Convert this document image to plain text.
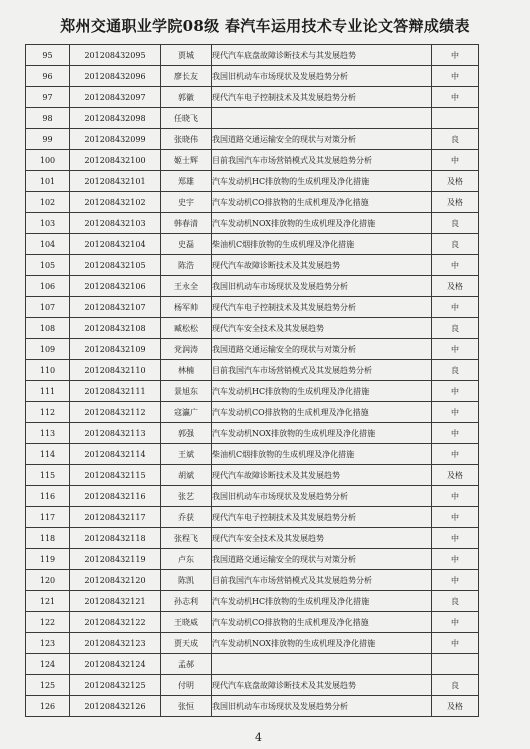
郑州交通职业学院08级 春汽车运用技术专业论文答辩成绩表
95	201208432095	贾城	现代汽车底盘故障诊断技术与其发展趋势	中
96	201208432096	廖长友	我国旧机动车市场现状及发展趋势分析	中
97	201208432097	郭徽	现代汽车电子控制技术及其发展趋势分析	中
98	201208432098	任晓飞		
99	201208432099	张晓伟	我国道路交通运输安全的现状与对策分析	良
100	201208432100	姬士辉	目前我国汽车市场营销模式及其发展趋势分析	中
101	201208432101	郑雄	汽车发动机HC排放物的生成机理及净化措施	及格
102	201208432102	史宇	汽车发动机CO排放物的生成机理及净化措施	及格
103	201208432103	韩春清	汽车发动机NOX排放物的生成机理及净化措施	良
104	201208432104	史磊	柴油机C烟排放物的生成机理及净化措施	良
105	201208432105	陈浩	现代汽车故障诊断技术及其发展趋势	中
106	201208432106	王永全	我国旧机动车市场现状及发展趋势分析	及格
107	201208432107	杨军帅	现代汽车电子控制技术及其发展趋势分析	中
108	201208432108	臧松松	现代汽车安全技术及其发展趋势	良
109	201208432109	党润涛	我国道路交通运输安全的现状与对策分析	中
110	201208432110	林楠	目前我国汽车市场营销模式及其发展趋势分析	良
111	201208432111	景旭东	汽车发动机HC排放物的生成机理及净化措施	中
112	201208432112	寇瀛广	汽车发动机CO排放物的生成机理及净化措施	中
113	201208432113	郭强	汽车发动机NOX排放物的生成机理及净化措施	中
114	201208432114	王斌	柴油机C烟排放物的生成机理及净化措施	中
115	201208432115	胡斌	现代汽车故障诊断技术及其发展趋势	及格
116	201208432116	张艺	我国旧机动车市场现状及发展趋势分析	中
117	201208432117	乔获	现代汽车电子控制技术及其发展趋势分析	中
118	201208432118	张程飞	现代汽车安全技术及其发展趋势	中
119	201208432119	卢东	我国道路交通运输安全的现状与对策分析	中
120	201208432120	陈凯	目前我国汽车市场营销模式及其发展趋势分析	中
121	201208432121	孙志利	汽车发动机HC排放物的生成机理及净化措施	良
122	201208432122	王晓威	汽车发动机CO排放物的生成机理及净化措施	中
123	201208432123	贾天成	汽车发动机NOX排放物的生成机理及净化措施	中
124	201208432124	孟郝		
125	201208432125	付明	现代汽车底盘故障诊断技术及其发展趋势	良
126	201208432126	张恒	我国旧机动车市场现状及发展趋势分析	及格
4
